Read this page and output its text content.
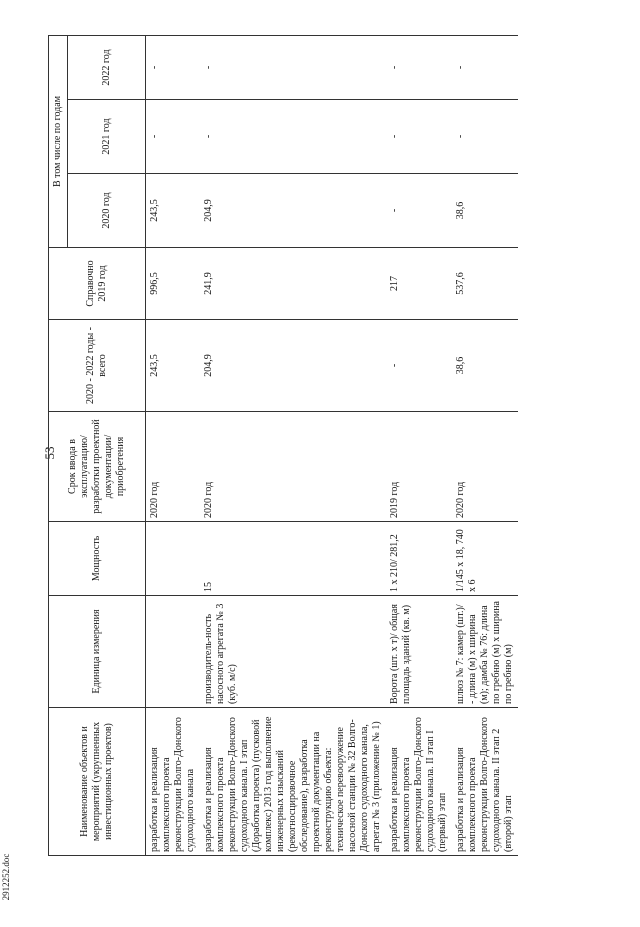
53
2912252.doc
Наименование объектов и мероприятий (укрупненных инвестиционных проектов)	Единица измерения	Мощность	Срок ввода в эксплуатацию/ разработки проектной документации/ приобретения	2020 - 2022 годы - всего	Справочно 2019 год	В том числе по годам		
						2020 год	2021 год	2022 год
разработка и реализация комплексного проекта реконструкции Волго-Донского судоходного канала			2020 год	243,5	996,5	243,5	-	-
разработка и реализация комплексного проекта реконструкции Волго-Донского судоходного канала. I этап (Доработка проекта) (пусковой комплекс) 2013 год выполнение инженерных изысканий (рекогносцировочное обследование), разработка проектной документации на реконструкцию объекта: техническое перевооружение насосной станции № 32 Волго-Донского судоходного канала, агрегат № 3 (приложение № 1)	производитель-ность насосного агрегата № 3 (куб. м/с)	15	2020 год	204,9	241,9	204,9	-	-
разработка и реализация комплексного проекта реконструкции Волго-Донского судоходного канала. II этап I (первый) этап	Ворота (шт. x т)/ общая площадь зданий (кв. м)	1 x 210/ 281,2	2019 год	-	217	-	-	-
разработка и реализация комплексного проекта реконструкции Волго-Донского судоходного канала. II этап 2 (второй) этап	шлюз № 7: камер (шт.)/ - длина (м) x ширина (м); дамба № 76: длина по гребню (м) x ширина по гребню (м)	1/145 x 18, 740 x 6	2020 год	38,6	537,6	38,6	-	-
